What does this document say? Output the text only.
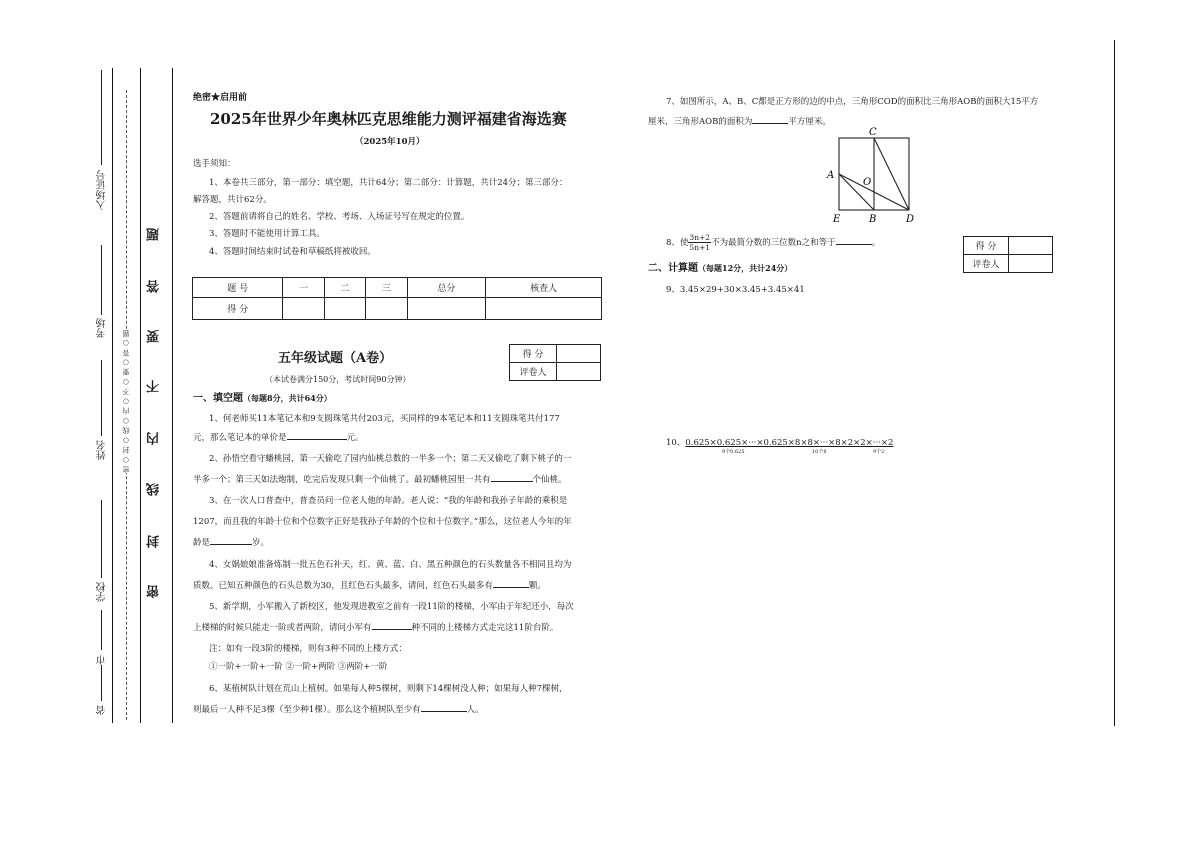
入场证号
考场
姓名
学校
市
省
密 ○ 封 ○ 线 ○ 内 ○ 不 ○ 要 ○ 答 ○ 题
题
答
要
不
内
线
封
密
绝密★启用前
2025年世界少年奥林匹克思维能力测评福建省海选赛
（2025年10月）
选手须知：
1、本卷共三部分，第一部分：填空题，共计64分；第二部分：计算题，共计24分；第三部分：
解答题，共计62分。
2、答题前请将自己的姓名、学校、考场、入场证号写在规定的位置。
3、答题时不能使用计算工具。
4、答题时间结束时试卷和草稿纸将被收回。
题 号	一	二	三	总分	核查人
得 分					
五年级试题（A卷）
（本试卷满分150分，考试时间90分钟）
得 分	
评卷人	
一、填空题（每题8分，共计64分）
1、何老师买11本笔记本和9支圆珠笔共付203元，买同样的9本笔记本和11支圆珠笔共付177
元，那么笔记本的单价是	元。
2、孙悟空看守蟠桃园，第一天偷吃了园内仙桃总数的一半多一个；第二天又偷吃了剩下桃子的一
半多一个；第三天如法炮制，吃完后发现只剩一个仙桃了。最初蟠桃园里一共有	个仙桃。
3、在一次人口普查中，普查员问一位老人他的年龄。老人说：“我的年龄和我孙子年龄的乘积是
1207，而且我的年龄十位和个位数字正好是我孙子年龄的个位和十位数字。”那么，这位老人今年的年
龄是	岁。
4、女娲娘娘准备炼制一批五色石补天，红、黄、蓝、白、黑五种颜色的石头数量各不相同且均为
质数。已知五种颜色的石头总数为30，且红色石头最多，请问，红色石头最多有	颗。
5、新学期，小军搬入了新校区，他发现进教室之前有一段11阶的楼梯，小军由于年纪还小，每次
上楼梯的时候只能走一阶或者两阶，请问小军有	种不同的上楼梯方式走完这11阶台阶。
注：如有一段3阶的楼梯，则有3种不同的上楼方式：
①一阶+一阶+一阶 ②一阶+两阶 ③两阶+一阶
6、某植树队计划在荒山上植树。如果每人种5棵树，则剩下14棵树没人种；如果每人种7棵树，
则最后一人种不足3棵（至少种1棵）。那么这个植树队至少有	人。
7、如图所示，A、B、C都是正方形的边的中点，三角形COD的面积比三角形AOB的面积大15平方
厘米，三角形AOB的面积为	平方厘米。
C
A
O
E	B	D
8、使 $\frac{3n+2}{5n+1}$ 不为最简分数的三位数n之和等于	。	得 分	
评卷人	
二、计算题（每题12分，共计24分）
9、3.45×29+30×3.45+3.45×41
10、0.625×0.625×···×0.625×8×8×···×8×2×2×···×2
9个0.625	10个8	9个2
